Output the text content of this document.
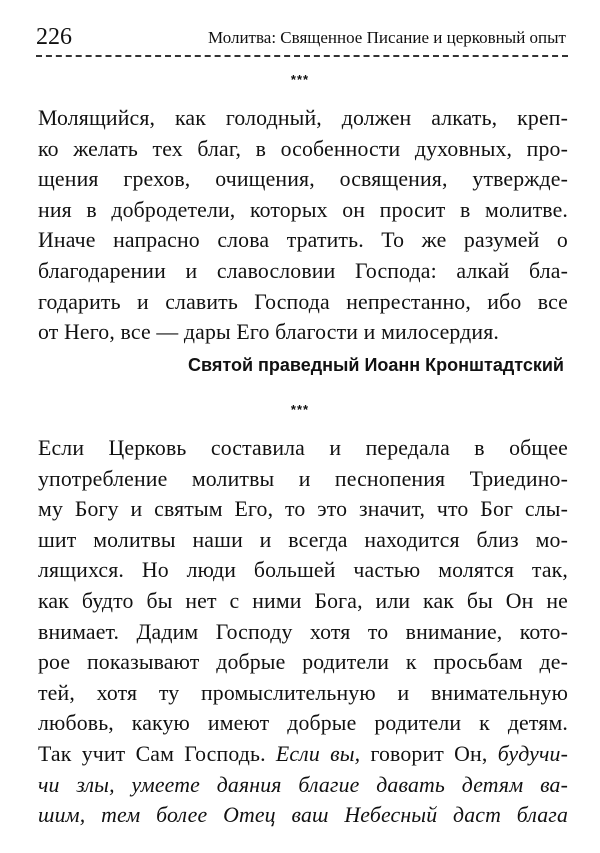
226	Молитва: Священное Писание и церковный опыт
***
Молящийся, как голодный, должен алкать, креп-
ко желать тех благ, в особенности духовных, про-
щения грехов, очищения, освящения, утвержде-
ния в добродетели, которых он просит в молитве.
Иначе напрасно слова тратить. То же разумей о
благодарении и славословии Господа: алкай бла-
годарить и славить Господа непрестанно, ибо все
от Него, все — дары Его благости и милосердия.
Святой праведный Иоанн Кронштадтский
***
Если Церковь составила и передала в общее
употребление молитвы и песнопения Триедино-
му Богу и святым Его, то это значит, что Бог слы-
шит молитвы наши и всегда находится близ мо-
лящихся. Но люди большей частью молятся так,
как будто бы нет с ними Бога, или как бы Он не
внимает. Дадим Господу хотя то внимание, кото-
рое показывают добрые родители к просьбам де-
тей, хотя ту промыслительную и внимательную
любовь, какую имеют добрые родители к детям.
Так учит Сам Господь. Если вы, говорит Он, будучи-
чи злы, умеете даяния благие давать детям ва-
шим, тем более Отец ваш Небесный даст блага
